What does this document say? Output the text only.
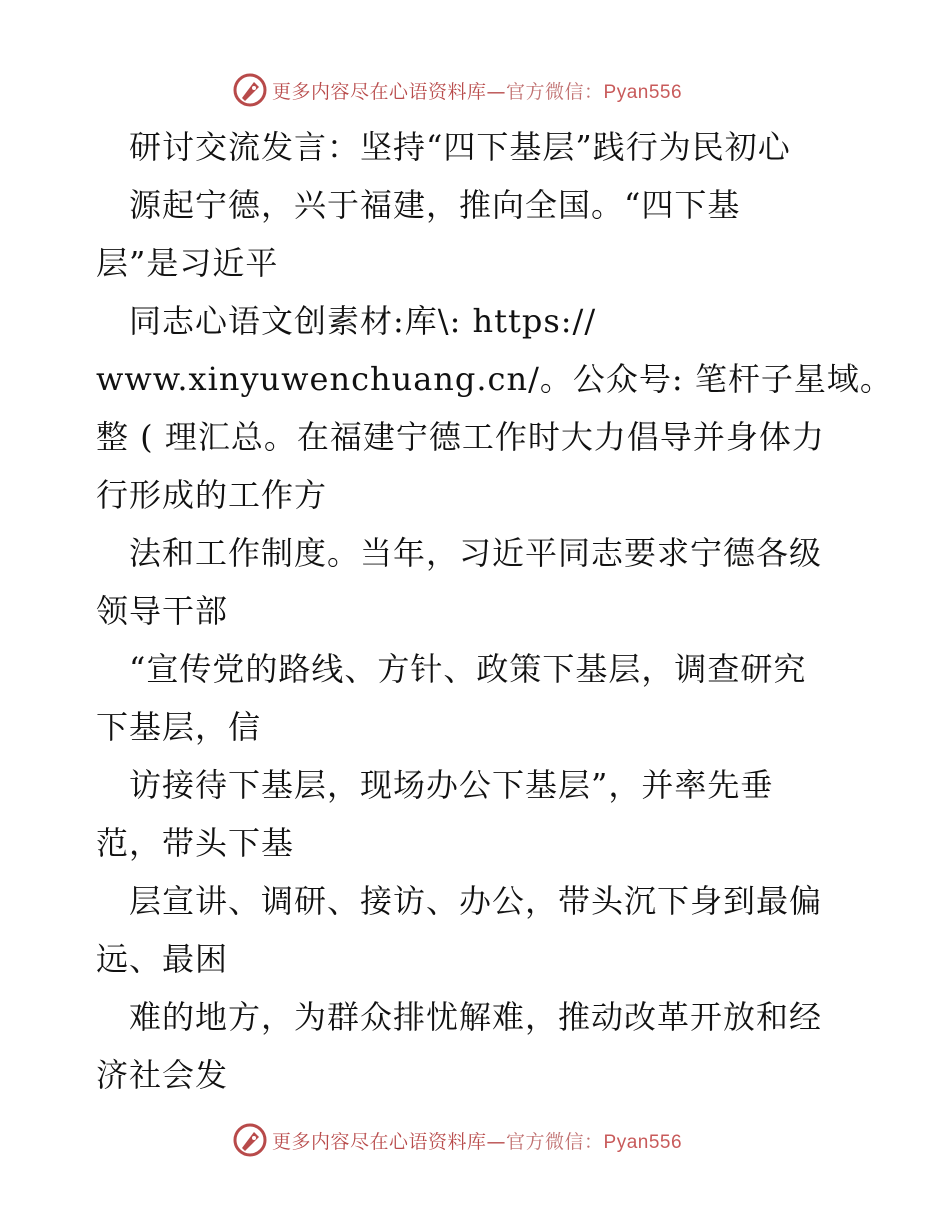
更多内容尽在心语资料库—官方微信：Pyan556
　研讨交流发言：坚持“四下基层”践行为民初心
　源起宁德，兴于福建，推向全国。“四下基
层”是习近平
　同志心语文创素材:库\: https://
www.xinyuwenchuang.cn/。公众号: 笔杆子星域。
整 ( 理汇总。在福建宁德工作时大力倡导并身体力
行形成的工作方
　法和工作制度。当年，习近平同志要求宁德各级
领导干部
　“宣传党的路线、方针、政策下基层，调查研究
下基层，信
　访接待下基层，现场办公下基层”，并率先垂
范，带头下基
　层宣讲、调研、接访、办公，带头沉下身到最偏
远、最困
　难的地方，为群众排忧解难，推动改革开放和经
济社会发
更多内容尽在心语资料库—官方微信：Pyan556
